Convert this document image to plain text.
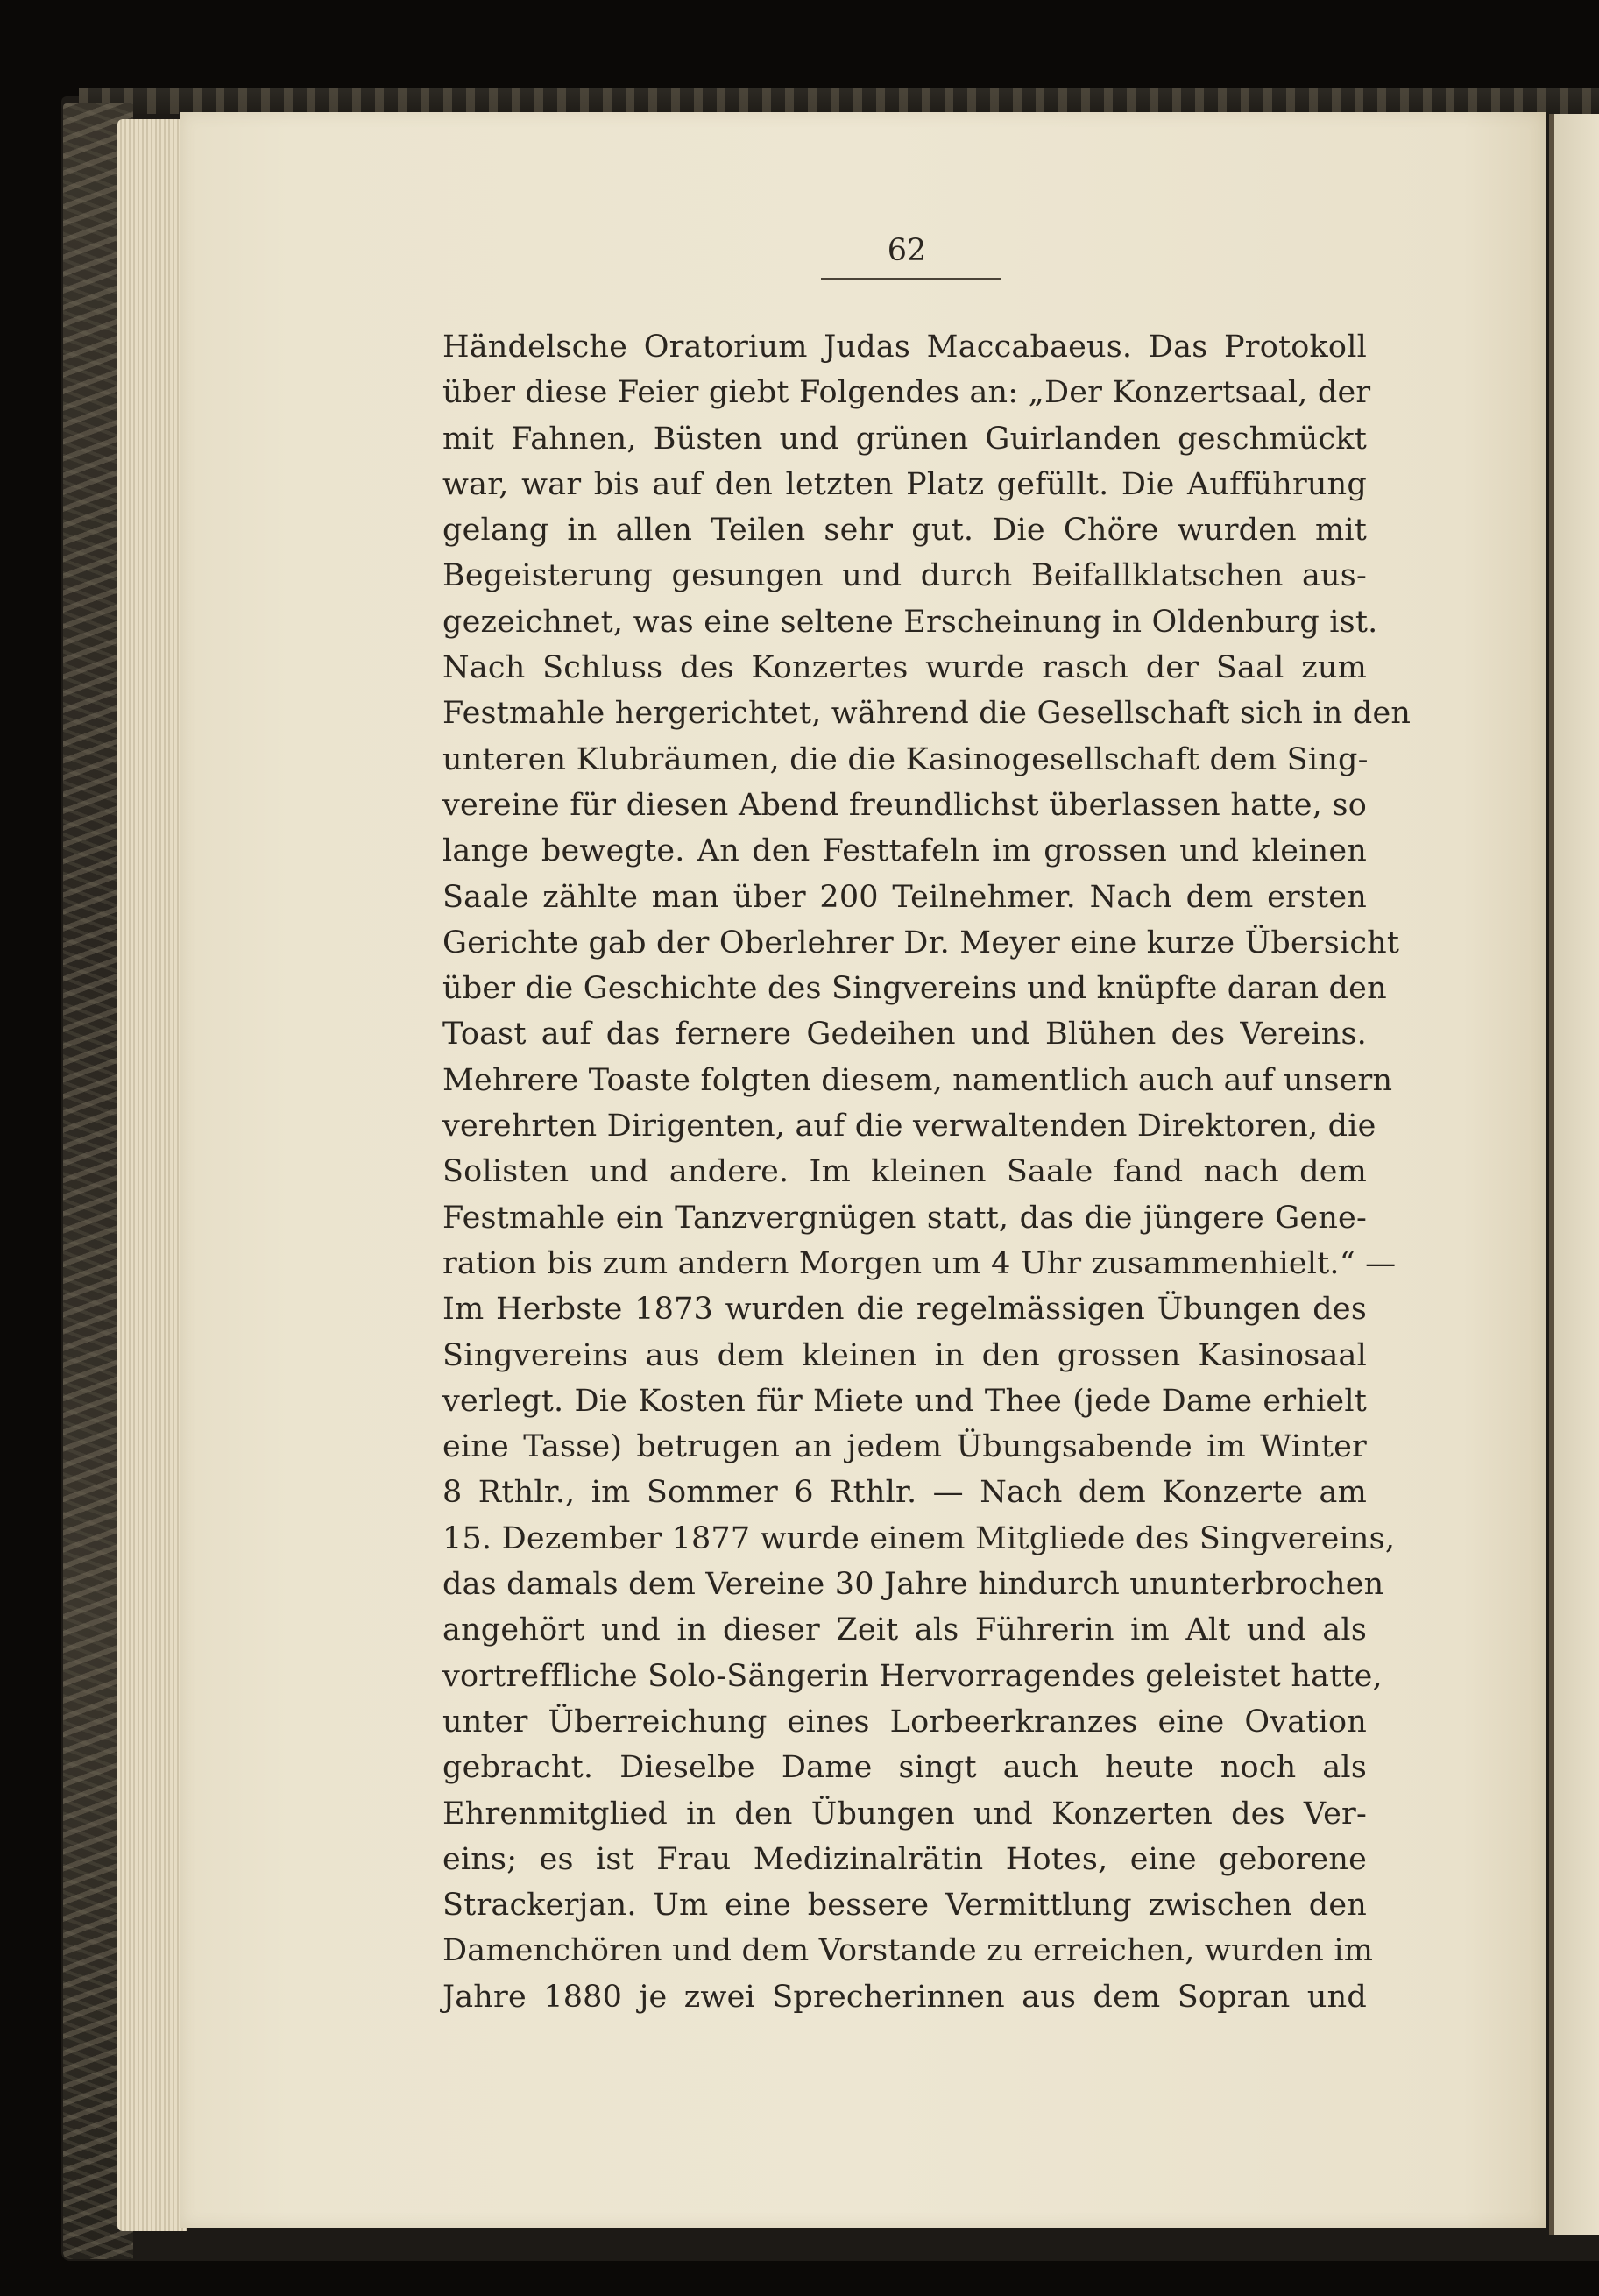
62
Händelsche Oratorium Judas Maccabaeus. Das Protokoll
über diese Feier giebt Folgendes an: „Der Konzertsaal, der
mit Fahnen, Büsten und grünen Guirlanden geschmückt
war, war bis auf den letzten Platz gefüllt. Die Aufführung
gelang in allen Teilen sehr gut. Die Chöre wurden mit
Begeisterung gesungen und durch Beifallklatschen aus-
gezeichnet, was eine seltene Erscheinung in Oldenburg ist.
Nach Schluss des Konzertes wurde rasch der Saal zum
Festmahle hergerichtet, während die Gesellschaft sich in den
unteren Klubräumen, die die Kasinogesellschaft dem Sing-
vereine für diesen Abend freundlichst überlassen hatte, so
lange bewegte. An den Festtafeln im grossen und kleinen
Saale zählte man über 200 Teilnehmer. Nach dem ersten
Gerichte gab der Oberlehrer Dr. Meyer eine kurze Übersicht
über die Geschichte des Singvereins und knüpfte daran den
Toast auf das fernere Gedeihen und Blühen des Vereins.
Mehrere Toaste folgten diesem, namentlich auch auf unsern
verehrten Dirigenten, auf die verwaltenden Direktoren, die
Solisten und andere. Im kleinen Saale fand nach dem
Festmahle ein Tanzvergnügen statt, das die jüngere Gene-
ration bis zum andern Morgen um 4 Uhr zusammenhielt.“ —
Im Herbste 1873 wurden die regelmässigen Übungen des
Singvereins aus dem kleinen in den grossen Kasinosaal
verlegt. Die Kosten für Miete und Thee (jede Dame erhielt
eine Tasse) betrugen an jedem Übungsabende im Winter
8 Rthlr., im Sommer 6 Rthlr. — Nach dem Konzerte am
15. Dezember 1877 wurde einem Mitgliede des Singvereins,
das damals dem Vereine 30 Jahre hindurch ununterbrochen
angehört und in dieser Zeit als Führerin im Alt und als
vortreffliche Solo-Sängerin Hervorragendes geleistet hatte,
unter Überreichung eines Lorbeerkranzes eine Ovation
gebracht. Dieselbe Dame singt auch heute noch als
Ehrenmitglied in den Übungen und Konzerten des Ver-
eins; es ist Frau Medizinalrätin Hotes, eine geborene
Strackerjan. Um eine bessere Vermittlung zwischen den
Damenchören und dem Vorstande zu erreichen, wurden im
Jahre 1880 je zwei Sprecherinnen aus dem Sopran und
